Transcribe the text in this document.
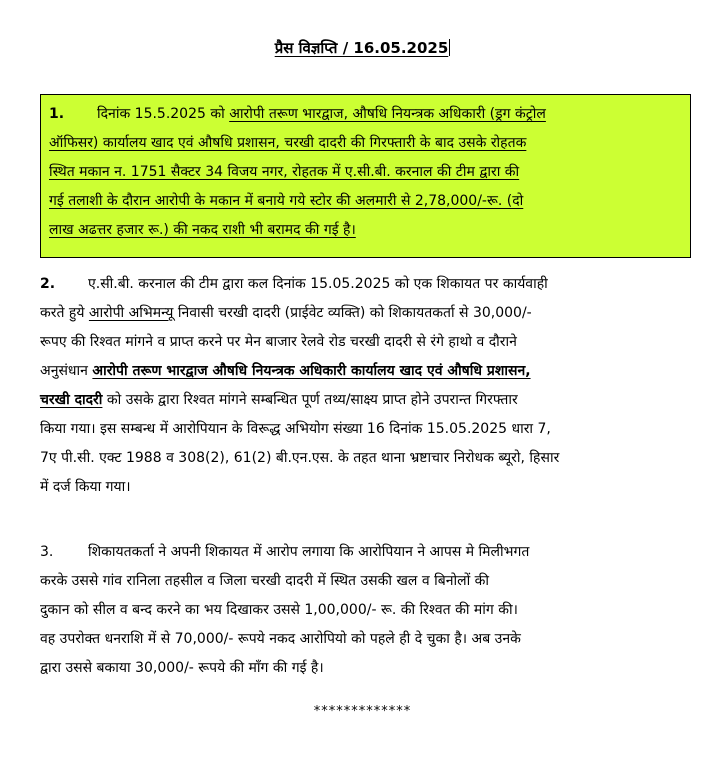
प्रैस विज्ञप्ति / 16.05.2025
1. दिनांक 15.5.2025 को आरोपी तरूण भारद्वाज, औषधि नियन्त्रक अधिकारी (ड्रग कंट्रोल
ऑफिसर) कार्यालय खाद एवं औषधि प्रशासन, चरखी दादरी की गिरफ्तारी के बाद उसके रोहतक
स्थित मकान न. 1751 सैक्टर 34 विजय नगर, रोहतक में ए.सी.बी. करनाल की टीम द्वारा की
गई तलाशी के दौरान आरोपी के मकान में बनाये गये स्टोर की अलमारी से 2,78,000/-रू. (दो
लाख अढत्तर हजार रू.) की नकद राशी भी बरामद की गई है।
2. ए.सी.बी. करनाल की टीम द्वारा कल दिनांक 15.05.2025 को एक शिकायत पर कार्यवाही
करते हुये आरोपी अभिमन्यू निवासी चरखी दादरी (प्राईवेट व्यक्ति) को शिकायतकर्ता से 30,000/-
रूपए की रिश्वत मांगने व प्राप्त करने पर मेन बाजार रेलवे रोड चरखी दादरी से रंगे हाथो व दौराने
अनुसंधान आरोपी तरूण भारद्वाज औषधि नियन्त्रक अधिकारी कार्यालय खाद एवं औषधि प्रशासन,
चरखी दादरी को उसके द्वारा रिश्वत मांगने सम्बन्धित पूर्ण तथ्य/साक्ष्य प्राप्त होने उपरान्त गिरफ्तार
किया गया। इस सम्बन्ध में आरोपियान के विरूद्ध अभियोग संख्या 16 दिनांक 15.05.2025 धारा 7,
7ए पी.सी. एक्ट 1988 व 308(2), 61(2) बी.एन.एस. के तहत थाना भ्रष्टाचार निरोधक ब्यूरो, हिसार
में दर्ज किया गया।
3. शिकायतकर्ता ने अपनी शिकायत में आरोप लगाया कि आरोपियान ने आपस मे मिलीभगत
करके उससे गांव रानिला तहसील व जिला चरखी दादरी में स्थित उसकी खल व बिनोलों की
दुकान को सील व बन्द करने का भय दिखाकर उससे 1,00,000/- रू. की रिश्वत की मांग की।
वह उपरोक्त धनराशि में से 70,000/- रूपये नकद आरोपियो को पहले ही दे चुका है। अब उनके
द्वारा उससे बकाया 30,000/- रूपये की मॉंग की गई है।
*************
